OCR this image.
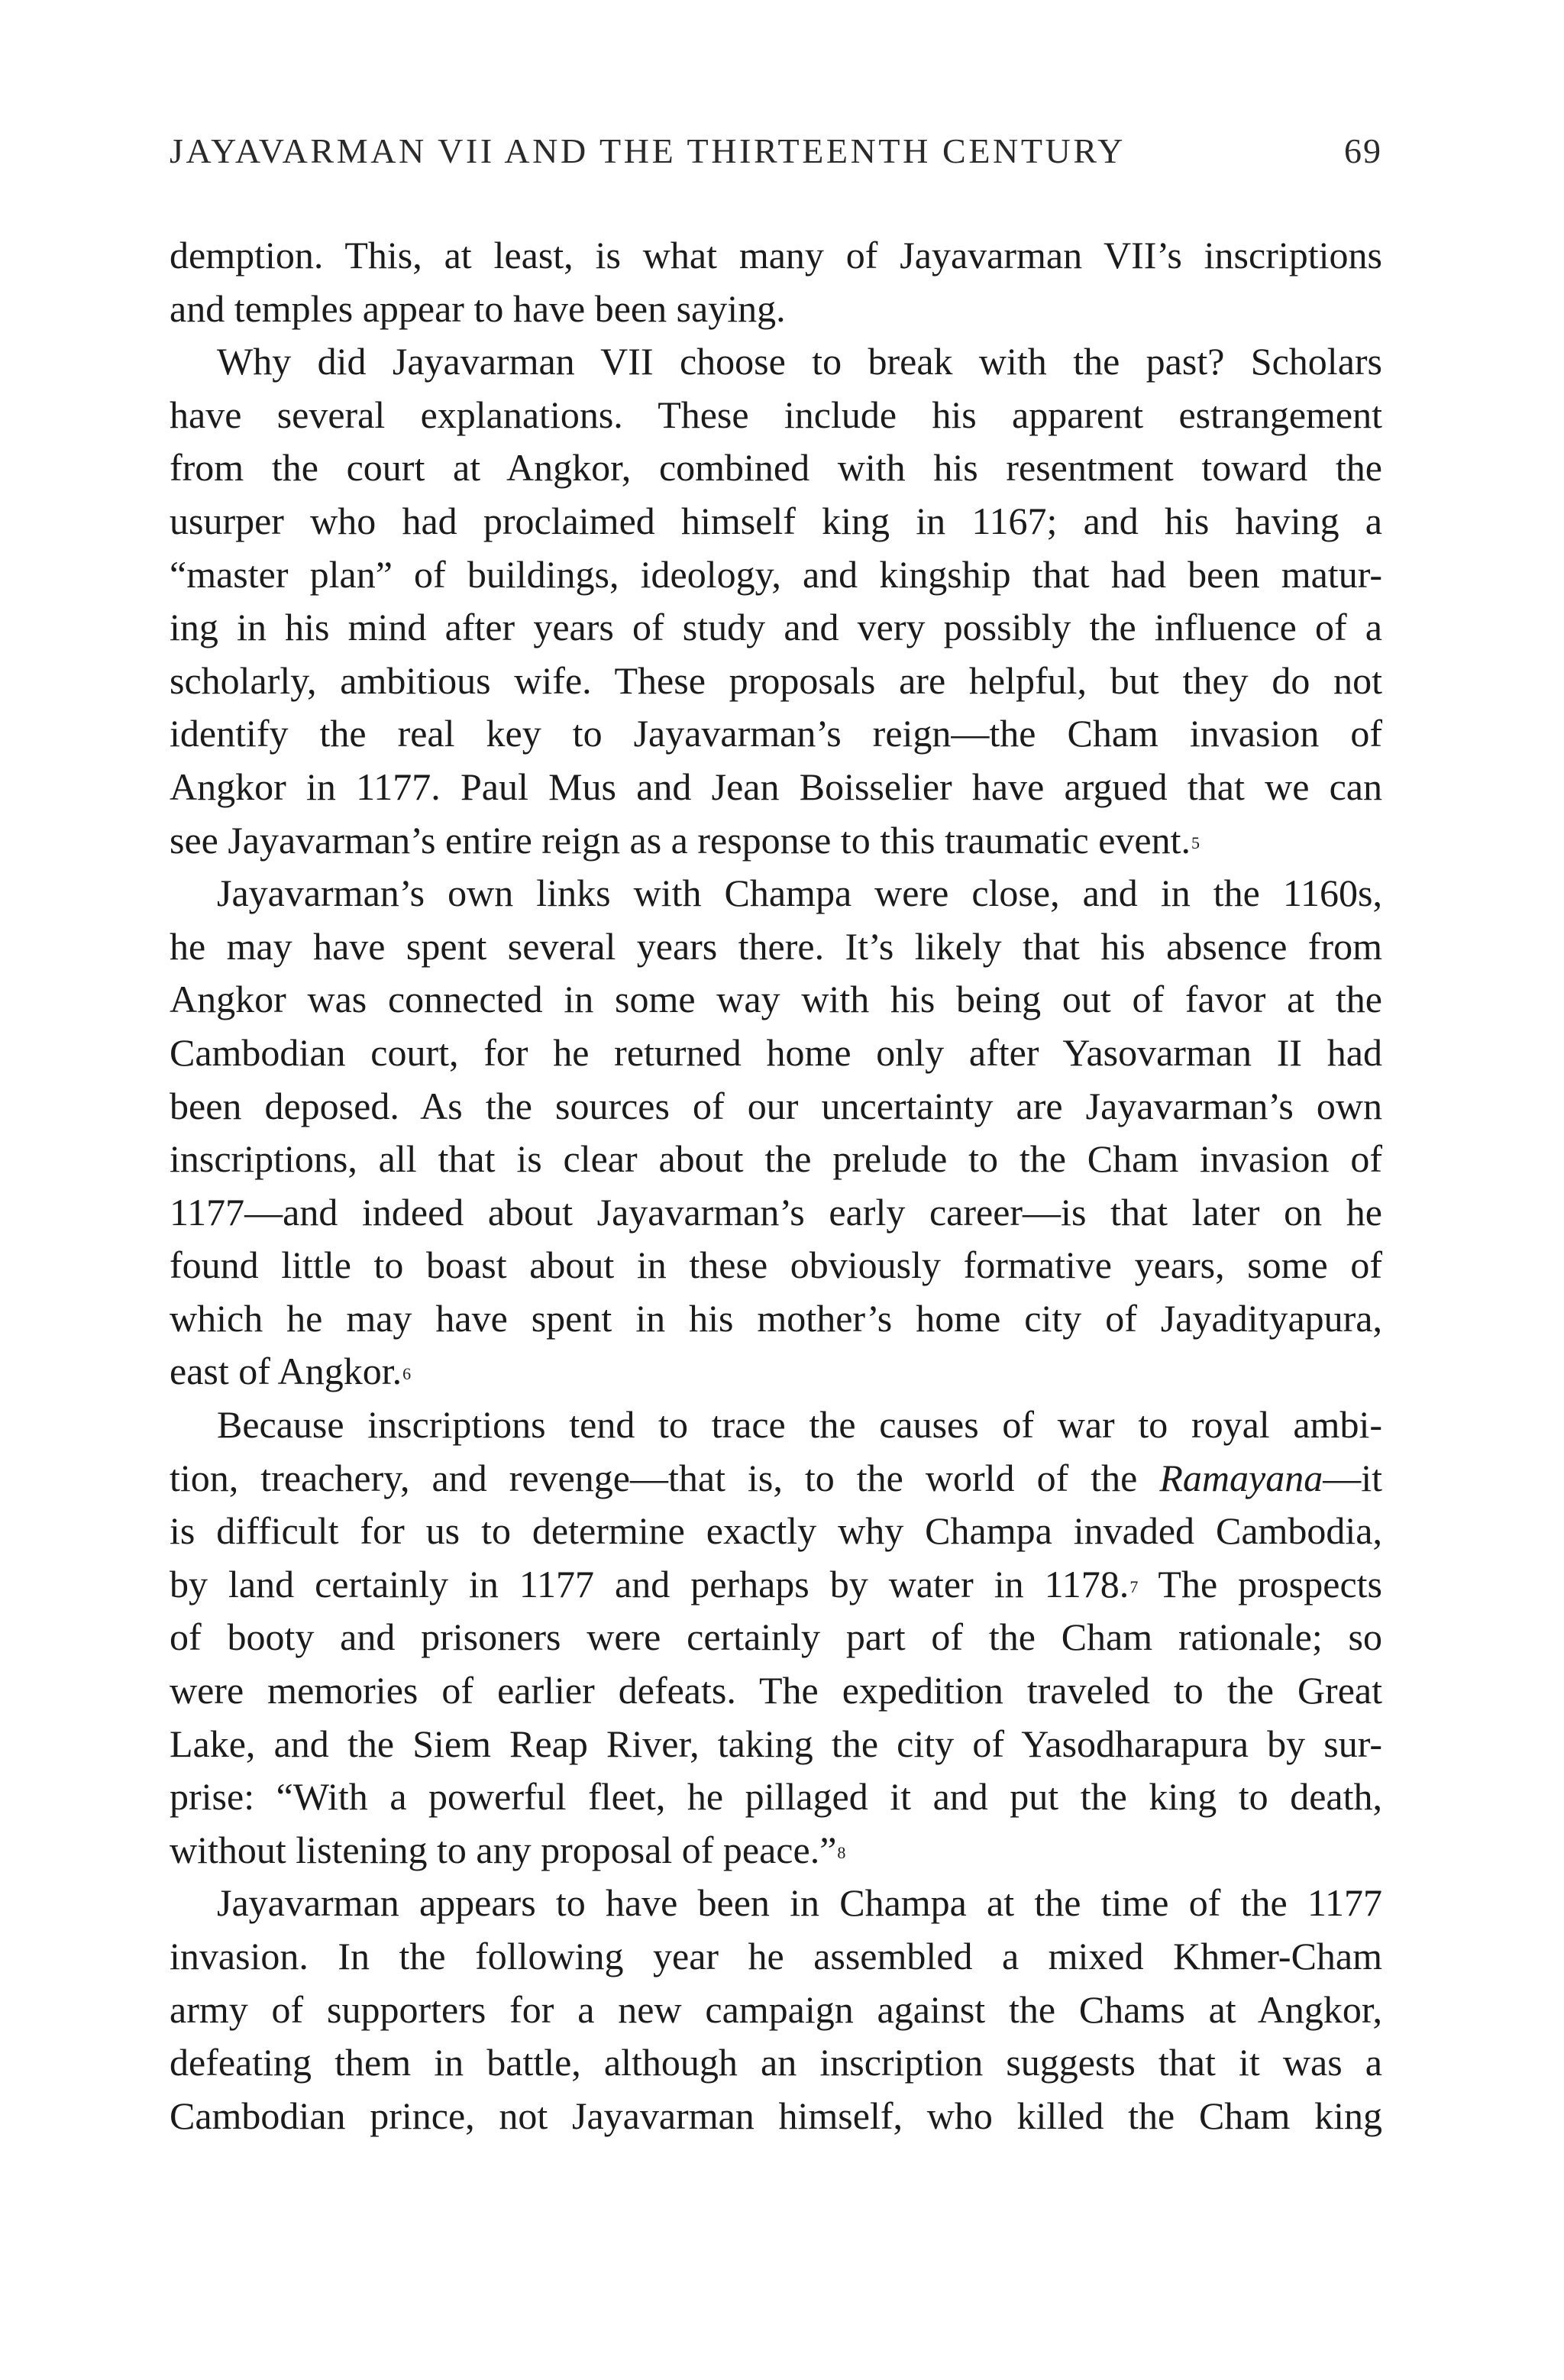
JAYAVARMAN VII AND THE THIRTEENTH CENTURY	69
demption. This, at least, is what many of Jayavarman VII’s inscriptions
and temples appear to have been saying.
Why did Jayavarman VII choose to break with the past? Scholars
have several explanations. These include his apparent estrangement
from the court at Angkor, combined with his resentment toward the
usurper who had proclaimed himself king in 1167; and his having a
“master plan” of buildings, ideology, and kingship that had been matur-
ing in his mind after years of study and very possibly the influence of a
scholarly, ambitious wife. These proposals are helpful, but they do not
identify the real key to Jayavarman’s reign—the Cham invasion of
Angkor in 1177. Paul Mus and Jean Boisselier have argued that we can
see Jayavarman’s entire reign as a response to this traumatic event.$^5$
Jayavarman’s own links with Champa were close, and in the 1160s,
he may have spent several years there. It’s likely that his absence from
Angkor was connected in some way with his being out of favor at the
Cambodian court, for he returned home only after Yasovarman II had
been deposed. As the sources of our uncertainty are Jayavarman’s own
inscriptions, all that is clear about the prelude to the Cham invasion of
1177—and indeed about Jayavarman’s early career—is that later on he
found little to boast about in these obviously formative years, some of
which he may have spent in his mother’s home city of Jayadityapura,
east of Angkor.$^6$
Because inscriptions tend to trace the causes of war to royal ambi-
tion, treachery, and revenge—that is, to the world of the Ramayana—it
is difficult for us to determine exactly why Champa invaded Cambodia,
by land certainly in 1177 and perhaps by water in 1178.$^7$ The prospects
of booty and prisoners were certainly part of the Cham rationale; so
were memories of earlier defeats. The expedition traveled to the Great
Lake, and the Siem Reap River, taking the city of Yasodharapura by sur-
prise: “With a powerful fleet, he pillaged it and put the king to death,
without listening to any proposal of peace.”$^8$
Jayavarman appears to have been in Champa at the time of the 1177
invasion. In the following year he assembled a mixed Khmer-Cham
army of supporters for a new campaign against the Chams at Angkor,
defeating them in battle, although an inscription suggests that it was a
Cambodian prince, not Jayavarman himself, who killed the Cham king
